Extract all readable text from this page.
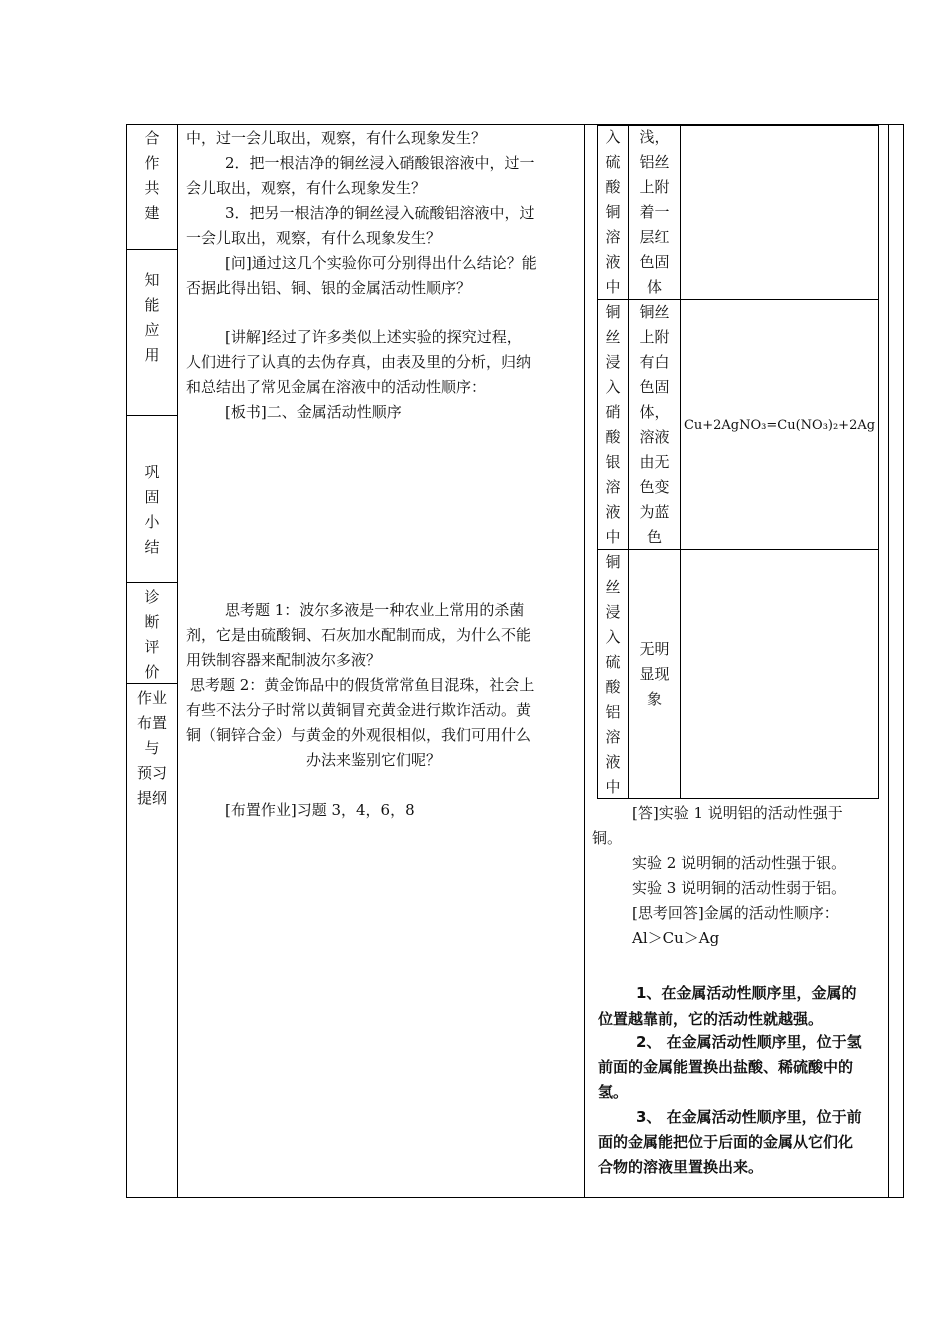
合
作
共
建
知
能
应
用
巩
固
小
结
诊
断
评
价
作业
布置
与
预习
提纲
中，过一会儿取出，观察，有什么现象发生？
2．把一根洁净的铜丝浸入硝酸银溶液中，过一
会儿取出，观察，有什么现象发生？
3．把另一根洁净的铜丝浸入硫酸铝溶液中，过
一会儿取出，观察，有什么现象发生？
[问]通过这几个实验你可分别得出什么结论？能
否据此得出铝、铜、银的金属活动性顺序？
[讲解]经过了许多类似上述实验的探究过程，
人们进行了认真的去伪存真，由表及里的分析，归纳
和总结出了常见金属在溶液中的活动性顺序：
[板书]二、金属活动性顺序
思考题 1：波尔多液是一种农业上常用的杀菌
剂，它是由硫酸铜、石灰加水配制而成，为什么不能
用铁制容器来配制波尔多液？
思考题 2：黄金饰品中的假货常常鱼目混珠，社会上
有些不法分子时常以黄铜冒充黄金进行欺诈活动。黄
铜（铜锌合金）与黄金的外观很相似，我们可用什么
办法来鉴别它们呢？
[布置作业]习题 3，4，6，8
入
硫
酸
铜
溶
液
中
浅，
铝丝
上附
着一
层红
色固
体
铜
丝
浸
入
硝
酸
银
溶
液
中
铜丝
上附
有白
色固
体，
溶液
由无
色变
为蓝
色
Cu+2AgNO₃=Cu(NO₃)₂+2Ag
铜
丝
浸
入
硫
酸
铝
溶
液
中
无明
显现
象
[答]实验 1 说明铝的活动性强于
铜。
实验 2 说明铜的活动性强于银。
实验 3 说明铜的活动性弱于铝。
[思考回答]金属的活动性顺序：
Al＞Cu＞Ag
1、在金属活动性顺序里，金属的
位置越靠前，它的活动性就越强。
2、 在金属活动性顺序里，位于氢
前面的金属能置换出盐酸、稀硫酸中的
氢。
3、 在金属活动性顺序里，位于前
面的金属能把位于后面的金属从它们化
合物的溶液里置换出来。
